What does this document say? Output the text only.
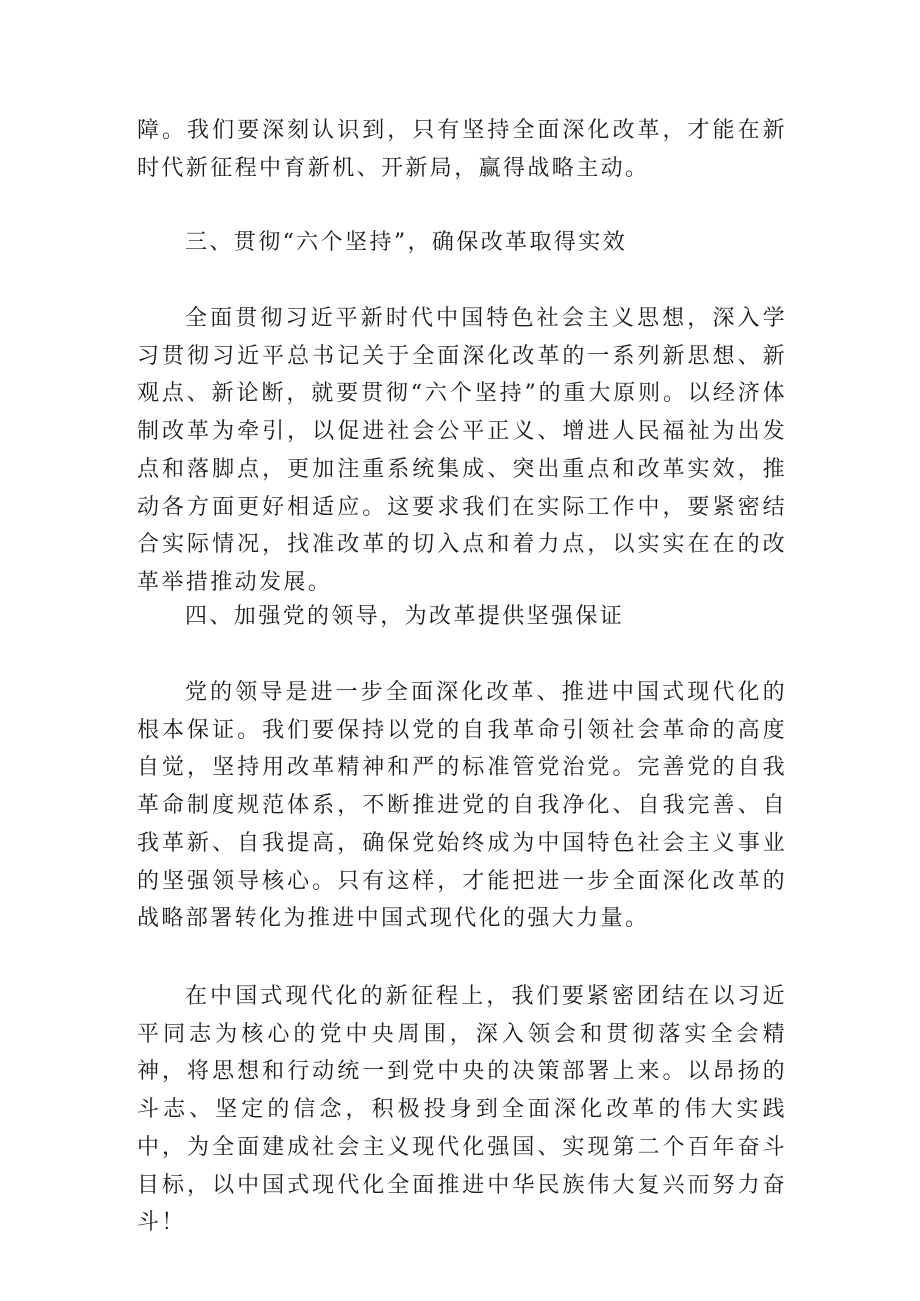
障。我们要深刻认识到，只有坚持全面深化改革，才能在新时代新征程中育新机、开新局，赢得战略主动。

三、贯彻“六个坚持”，确保改革取得实效

全面贯彻习近平新时代中国特色社会主义思想，深入学习贯彻习近平总书记关于全面深化改革的一系列新思想、新观点、新论断，就要贯彻“六个坚持”的重大原则。以经济体制改革为牵引，以促进社会公平正义、增进人民福祉为出发点和落脚点，更加注重系统集成、突出重点和改革实效，推动各方面更好相适应。这要求我们在实际工作中，要紧密结合实际情况，找准改革的切入点和着力点，以实实在在的改革举措推动发展。

四、加强党的领导，为改革提供坚强保证

党的领导是进一步全面深化改革、推进中国式现代化的根本保证。我们要保持以党的自我革命引领社会革命的高度自觉，坚持用改革精神和严的标准管党治党。完善党的自我革命制度规范体系，不断推进党的自我净化、自我完善、自我革新、自我提高，确保党始终成为中国特色社会主义事业的坚强领导核心。只有这样，才能把进一步全面深化改革的战略部署转化为推进中国式现代化的强大力量。

在中国式现代化的新征程上，我们要紧密团结在以习近平同志为核心的党中央周围，深入领会和贯彻落实全会精神，将思想和行动统一到党中央的决策部署上来。以昂扬的斗志、坚定的信念，积极投身到全面深化改革的伟大实践中，为全面建成社会主义现代化强国、实现第二个百年奋斗目标，以中国式现代化全面推进中华民族伟大复兴而努力奋斗！
